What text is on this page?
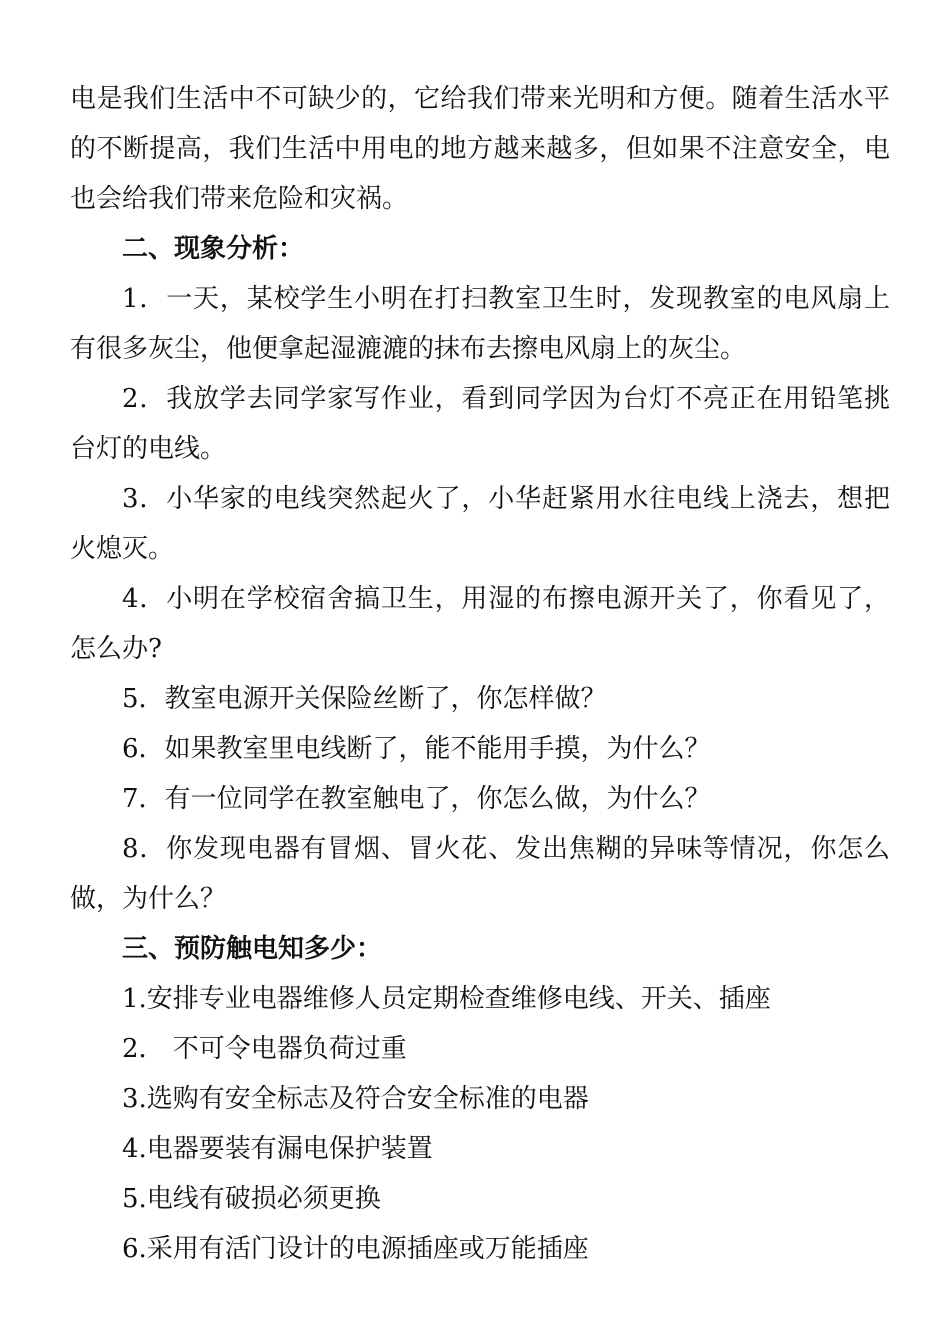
电是我们生活中不可缺少的，它给我们带来光明和方便。随着生活水平的不断提高，我们生活中用电的地方越来越多，但如果不注意安全，电也会给我们带来危险和灾祸。

二、现象分析：

1．一天，某校学生小明在打扫教室卫生时，发现教室的电风扇上有很多灰尘，他便拿起湿漉漉的抹布去擦电风扇上的灰尘。

2．我放学去同学家写作业，看到同学因为台灯不亮正在用铅笔挑台灯的电线。

3．小华家的电线突然起火了，小华赶紧用水往电线上浇去，想把火熄灭。

4．小明在学校宿舍搞卫生，用湿的布擦电源开关了，你看见了，怎么办?

5．教室电源开关保险丝断了，你怎样做？

6．如果教室里电线断了，能不能用手摸，为什么？

7．有一位同学在教室触电了，你怎么做，为什么？

8．你发现电器有冒烟、冒火花、发出焦糊的异味等情况，你怎么做，为什么？

三、预防触电知多少：

1.安排专业电器维修人员定期检查维修电线、开关、插座

2． 不可令电器负荷过重

3.选购有安全标志及符合安全标准的电器

4.电器要装有漏电保护装置

5.电线有破损必须更换

6.采用有活门设计的电源插座或万能插座
